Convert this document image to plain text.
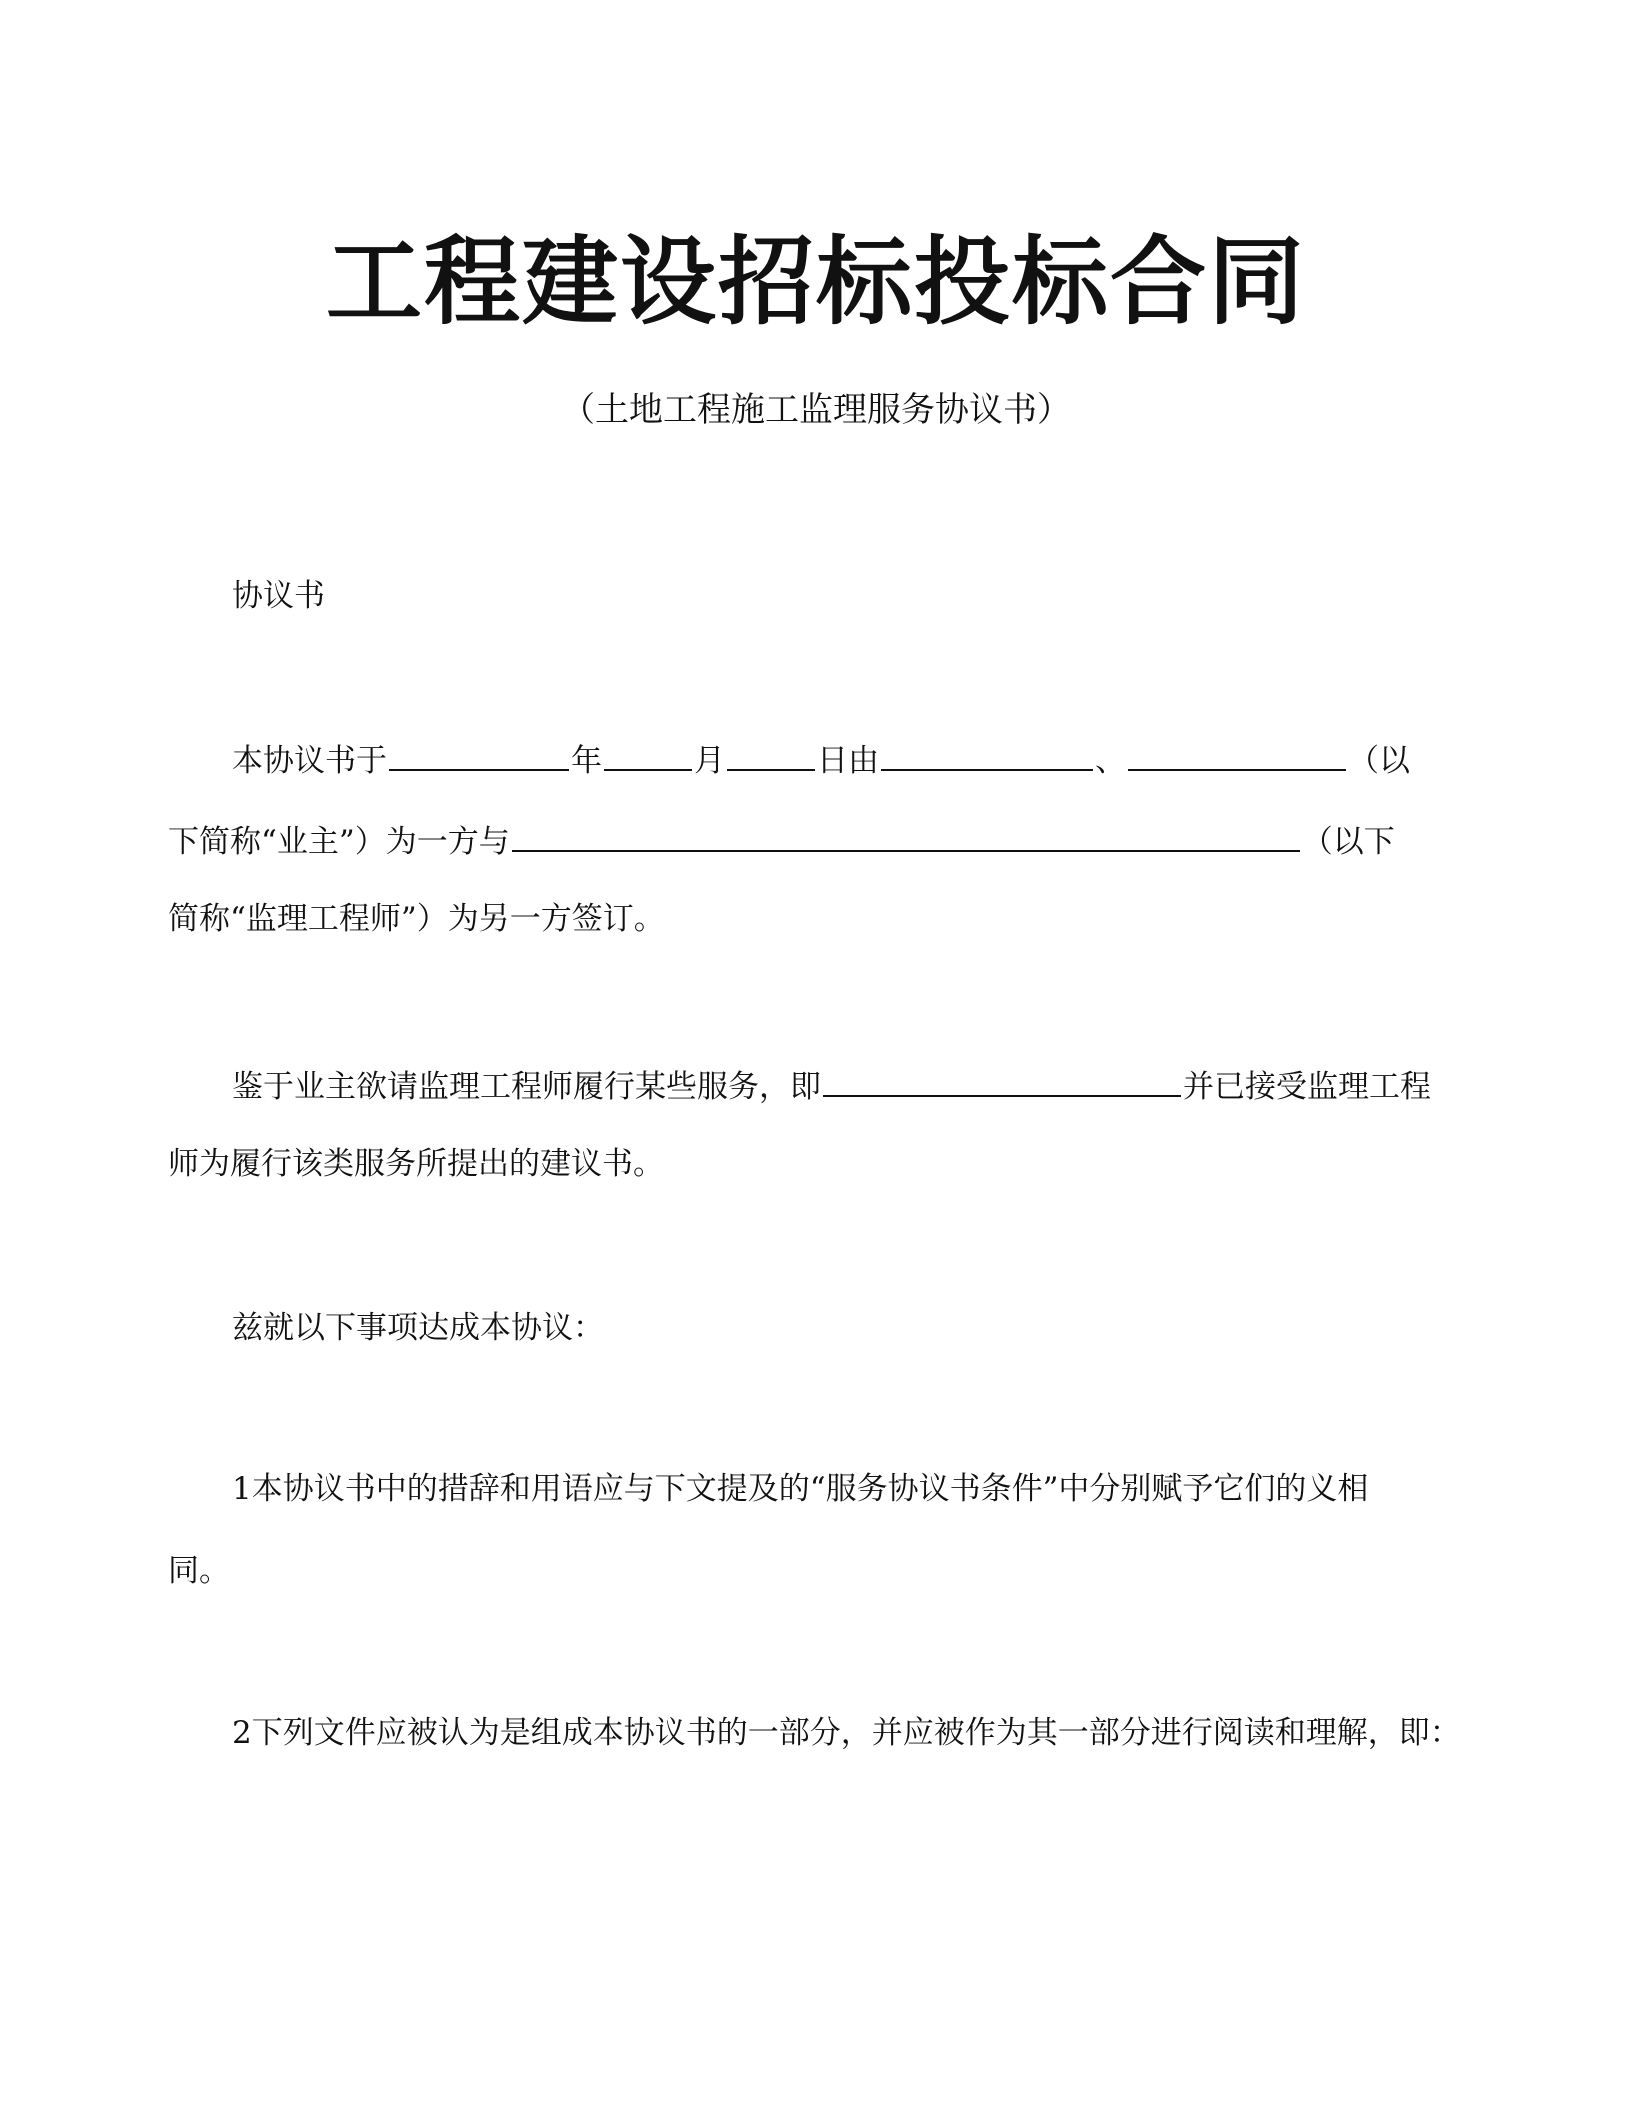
工程建设招标投标合同
（土地工程施工监理服务协议书）
协议书
本协议书于	年	月	日由	、	（以
下简称“业主”）为一方与	（以下
简称“监理工程师”）为另一方签订。
鉴于业主欲请监理工程师履行某些服务，即	并已接受监理工程
师为履行该类服务所提出的建议书。
兹就以下事项达成本协议：
1本协议书中的措辞和用语应与下文提及的“服务协议书条件”中分别赋予它们的义相
同。
2下列文件应被认为是组成本协议书的一部分，并应被作为其一部分进行阅读和理解，即：
